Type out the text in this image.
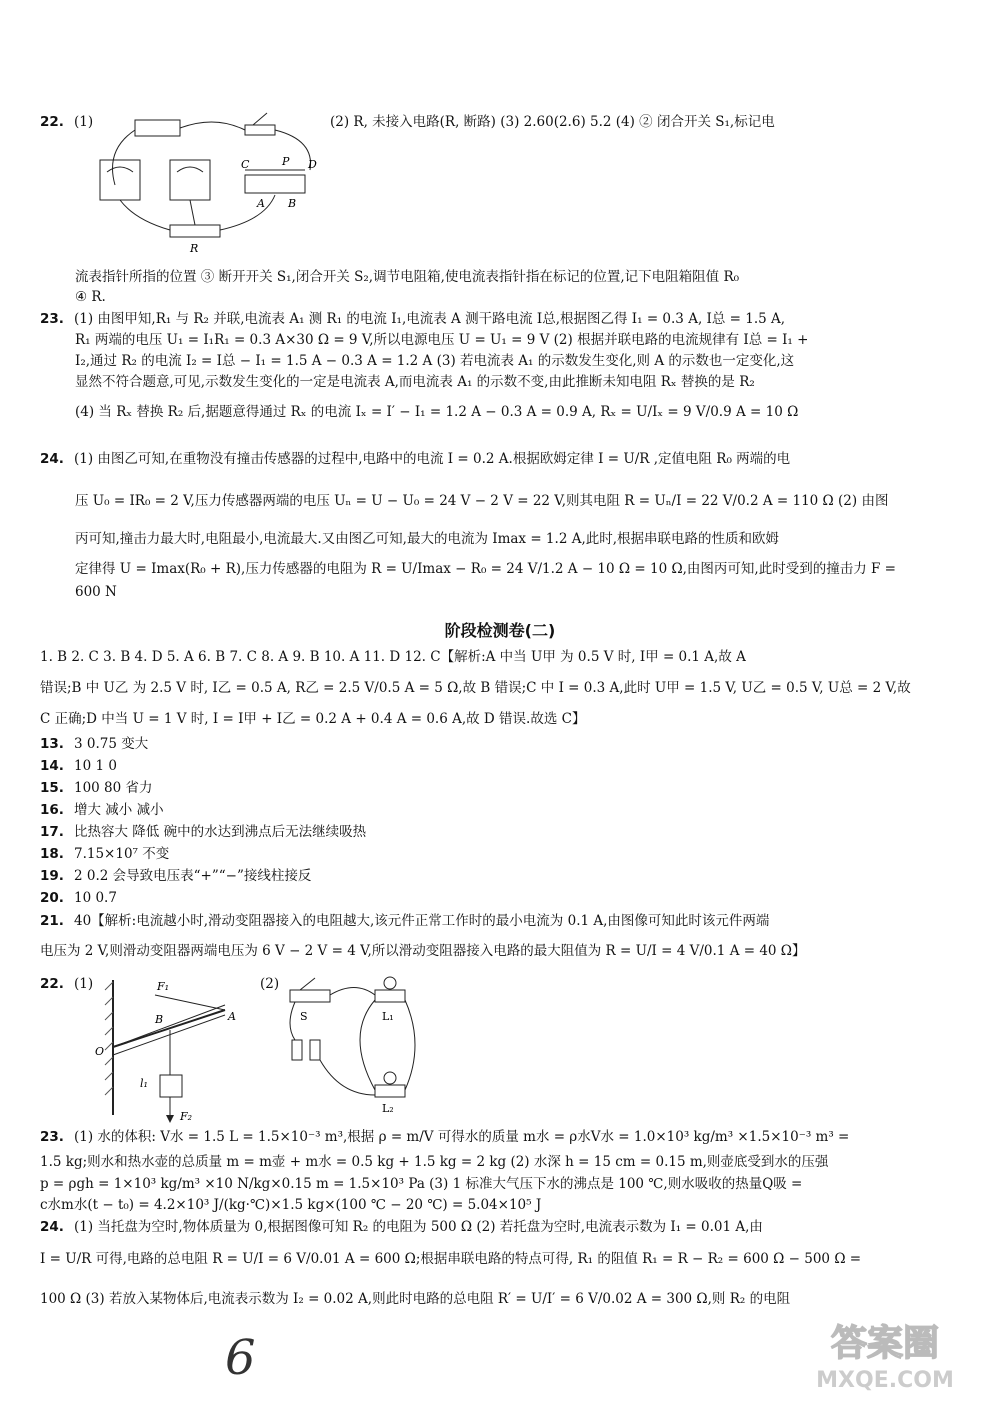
22. (1)	(2) R, 未接入电路(R, 断路) (3) 2.60(2.6) 5.2 (4) ② 闭合开关 S₁,标记电
C	P D
A B
R
流表指针所指的位置 ③ 断开开关 S₁,闭合开关 S₂,调节电阻箱,使电流表指针指在标记的位置,记下电阻箱阻值 R₀
④ R.
23. (1) 由图甲知,R₁ 与 R₂ 并联,电流表 A₁ 测 R₁ 的电流 I₁,电流表 A 测干路电流 I总,根据图乙得 I₁ = 0.3 A, I总 = 1.5 A,
R₁ 两端的电压 U₁ = I₁R₁ = 0.3 A×30 Ω = 9 V,所以电源电压 U = U₁ = 9 V (2) 根据并联电路的电流规律有 I总 = I₁ +
I₂,通过 R₂ 的电流 I₂ = I总 − I₁ = 1.5 A − 0.3 A = 1.2 A (3) 若电流表 A₁ 的示数发生变化,则 A 的示数也一定变化,这
显然不符合题意,可见,示数发生变化的一定是电流表 A,而电流表 A₁ 的示数不变,由此推断未知电阻 Rₓ 替换的是 R₂
(4) 当 Rₓ 替换 R₂ 后,据题意得通过 Rₓ 的电流 Iₓ = I′ − I₁ = 1.2 A − 0.3 A = 0.9 A, Rₓ = U/Iₓ = 9 V/0.9 A = 10 Ω
24. (1) 由图乙可知,在重物没有撞击传感器的过程中,电路中的电流 I = 0.2 A.根据欧姆定律 I = U/R ,定值电阻 R₀ 两端的电
压 U₀ = IR₀ = 2 V,压力传感器两端的电压 Uₙ = U − U₀ = 24 V − 2 V = 22 V,则其电阻 R = Uₙ/I = 22 V/0.2 A = 110 Ω (2) 由图
丙可知,撞击力最大时,电阻最小,电流最大.又由图乙可知,最大的电流为 Imax = 1.2 A,此时,根据串联电路的性质和欧姆
定律得 U = Imax(R₀ + R),压力传感器的电阻为 R = U/Imax − R₀ = 24 V/1.2 A − 10 Ω = 10 Ω,由图丙可知,此时受到的撞击力 F =
600 N
阶段检测卷(二)
1. B 2. C 3. B 4. D 5. A 6. B 7. C 8. A 9. B 10. A 11. D 12. C【解析:A 中当 U甲 为 0.5 V 时, I甲 = 0.1 A,故 A
错误;B 中 U乙 为 2.5 V 时, I乙 = 0.5 A, R乙 = 2.5 V/0.5 A = 5 Ω,故 B 错误;C 中 I = 0.3 A,此时 U甲 = 1.5 V, U乙 = 0.5 V, U总 = 2 V,故
C 正确;D 中当 U = 1 V 时, I = I甲 + I乙 = 0.2 A + 0.4 A = 0.6 A,故 D 错误.故选 C】
13. 3 0.75 变大
14. 10 1 0
15. 100 80 省力
16. 增大 减小 减小
17. 比热容大 降低 碗中的水达到沸点后无法继续吸热
18. 7.15×10⁷ 不变
19. 2 0.2 会导致电压表“+”“−”接线柱接反
20. 10 0.7
21. 40【解析:电流越小时,滑动变阻器接入的电阻越大,该元件正常工作时的最小电流为 0.1 A,由图像可知此时该元件两端
电压为 2 V,则滑动变阻器两端电压为 6 V − 2 V = 4 V,所以滑动变阻器接入电路的最大阻值为 R = U/I = 4 V/0.1 A = 40 Ω】
22. (1)	(2)
F₁
B	A
O
l₁
F₂
S	L₁
L₂
23. (1) 水的体积: V水 = 1.5 L = 1.5×10⁻³ m³,根据 ρ = m/V 可得水的质量 m水 = ρ水V水 = 1.0×10³ kg/m³ ×1.5×10⁻³ m³ =
1.5 kg;则水和热水壶的总质量 m = m壶 + m水 = 0.5 kg + 1.5 kg = 2 kg (2) 水深 h = 15 cm = 0.15 m,则壶底受到水的压强
p = ρgh = 1×10³ kg/m³ ×10 N/kg×0.15 m = 1.5×10³ Pa (3) 1 标准大气压下水的沸点是 100 ℃,则水吸收的热量Q吸 =
c水m水(t − t₀) = 4.2×10³ J/(kg·℃)×1.5 kg×(100 ℃ − 20 ℃) = 5.04×10⁵ J
24. (1) 当托盘为空时,物体质量为 0,根据图像可知 R₂ 的电阻为 500 Ω (2) 若托盘为空时,电流表示数为 I₁ = 0.01 A,由
I = U/R 可得,电路的总电阻 R = U/I = 6 V/0.01 A = 600 Ω;根据串联电路的特点可得, R₁ 的阻值 R₁ = R − R₂ = 600 Ω − 500 Ω =
100 Ω (3) 若放入某物体后,电流表示数为 I₂ = 0.02 A,则此时电路的总电阻 R′ = U/I′ = 6 V/0.02 A = 300 Ω,则 R₂ 的电阻
6	答案圈
MXQE.COM
